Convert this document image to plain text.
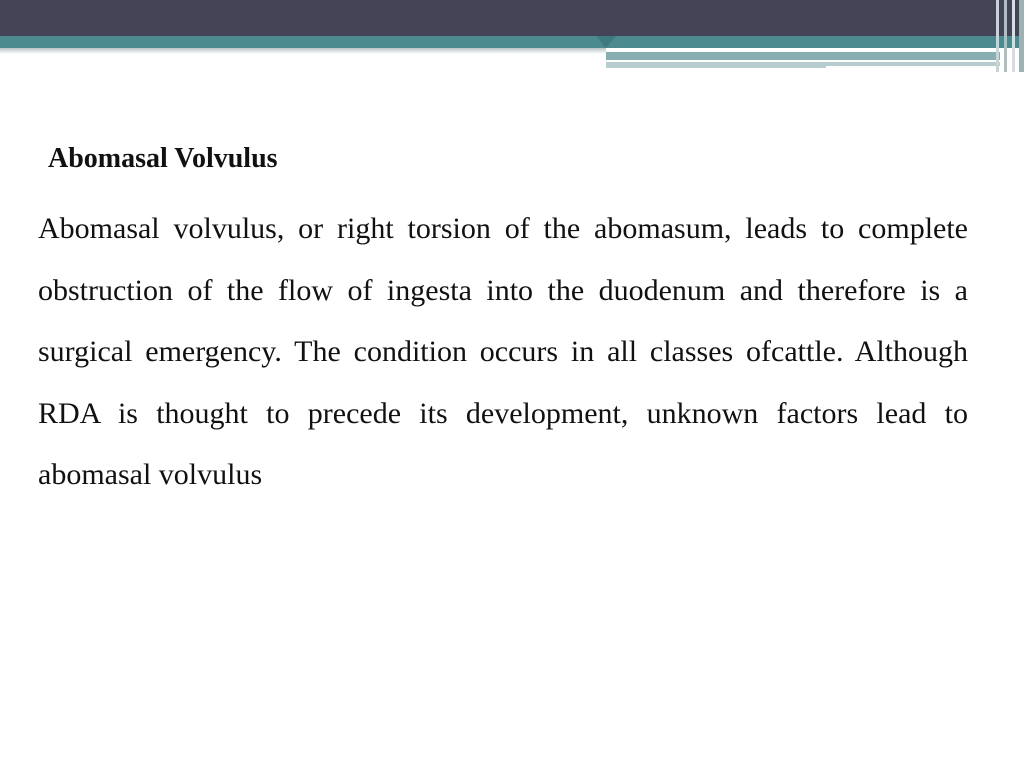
Abomasal Volvulus

Abomasal volvulus, or right torsion of the abomasum, leads to complete obstruction of the flow of ingesta into the duodenum and therefore is a surgical emergency. The condition occurs in all classes ofcattle. Although RDA is thought to precede its development, unknown factors lead to abomasal volvulus
